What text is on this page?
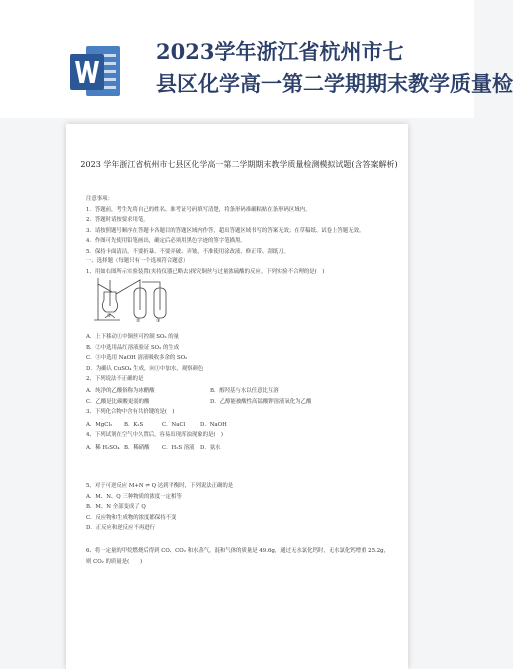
2023学年浙江省杭州市七
县区化学高一第二学期期末教学质量检
2023 学年浙江省杭州市七县区化学高一第二学期期末教学质量检测模拟试题(含答案解析)
注意事项：
1．答题前，考生先将自己的姓名、准考证号码填写清楚，将条形码准确粘贴在条形码区域内。
2．答题时请按要求用笔。
3．请按照题号顺序在答题卡各题目的答题区域内作答，超出答题区域书写的答案无效；在草稿纸、试卷上答题无效。
4．作图可先使用铅笔画出，确定后必须用黑色字迹的签字笔描黑。
5．保持卡面清洁，不要折暴、不要弄破、弄皱，不准使用涂改液、修正带、刮纸刀。
一、选择题（每题只有一个选项符合题意）
1、用如右图所示实验装置(夹持仪器已略去)探究铜丝与过量浓硫酸的反应。下列实验不合理的是(　)
①
②	③
A．上下移动①中铜丝可控制 SO₂ 的量
B．②中选用品红溶液验证 SO₂ 的生成
C．③中选用 NaOH 溶液吸收多余的 SO₂
D．为确认 CuSO₄ 生成，向①中加水，观察颜色
2、下列说法不正确的是
A．纯净的乙酸俗称为冰醋酸	B．醇羟基与水以任意比互溶
C．乙酸是比碳酸更弱的酸	D．乙醇能被酸性高锰酸钾溶液氧化为乙酸
3、下列化合物中含有共价键的是(　)
A．MgCl₂	B．K₂S	C．NaCl	D．NaOH
4、下列试剂在空气中久置后，容易出现浑浊现象的是(　)
A．稀 H₂SO₄ B．稀硝酸	C．H₂S 溶液	D．氨水
5、对于可逆反应 M+N ⇌ Q 达到平衡时，下列说法正确的是
A．M、N、Q 三种物质的浓度一定相等
B．M、N 全部变成了 Q
C．反应物和生成物的浓度都保持不变
D．正反应和逆反应不再进行
6、将一定量的甲烷燃烧后得到 CO、CO₂ 和水蒸气，混和气体的质量是 49.6g，通过无水氯化钙时，无水氯化钙增重 25.2g，
则 CO₂ 的质量是(　　)
